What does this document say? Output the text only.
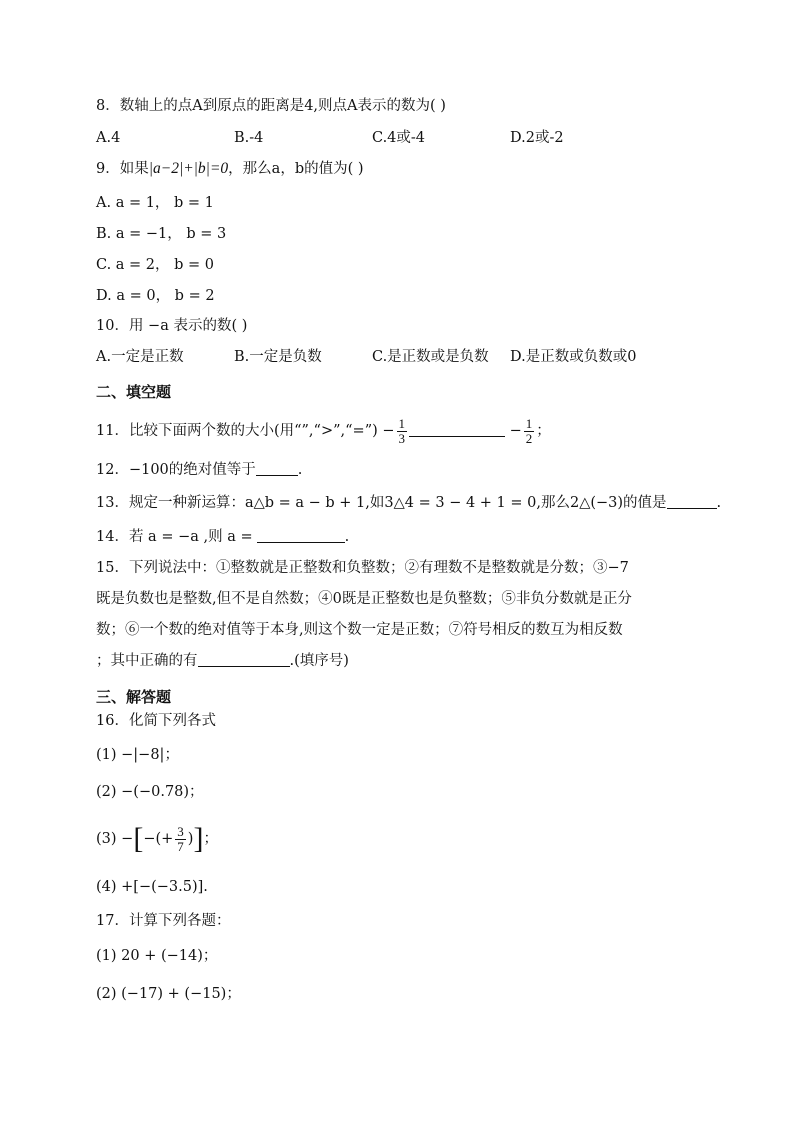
8．数轴上的点A到原点的距离是4,则点A表示的数为( )
A.4	B.-4	C.4或-4	D.2或-2
9．如果|a−2|+|b|=0，那么a，b的值为( )
A. a = 1， b = 1
B. a = −1， b = 3
C. a = 2， b = 0
D. a = 0， b = 2
10．用 −a 表示的数( )
A.一定是正数	B.一定是负数	C.是正数或是负数 D.是正数或负数或0
二、填空题
11．比较下面两个数的大小(用“”,“>”,“=”) − $\frac{1}{3}$	− $\frac{1}{2}$ ；
12．−100的绝对值等于	.
13．规定一种新运算：a△b = a − b + 1,如3△4 = 3 − 4 + 1 = 0,那么2△(−3)的值是	.
14．若 a = −a ,则 a =	.
15．下列说法中：①整数就是正整数和负整数；②有理数不是整数就是分数；③−7
既是负数也是整数,但不是自然数；④0既是正整数也是负整数；⑤非负分数就是正分
数；⑥一个数的绝对值等于本身,则这个数一定是正数；⑦符号相反的数互为相反数
；其中正确的有	.(填序号)
三、解答题
16．化简下列各式
(1) −|−8|；
(2) −(−0.78)；
(3) −[−(+ $\frac{3}{7}$ )]；
(4) +[−(−3.5)].
17．计算下列各题：
(1) 20 + (−14)；
(2) (−17) + (−15)；
